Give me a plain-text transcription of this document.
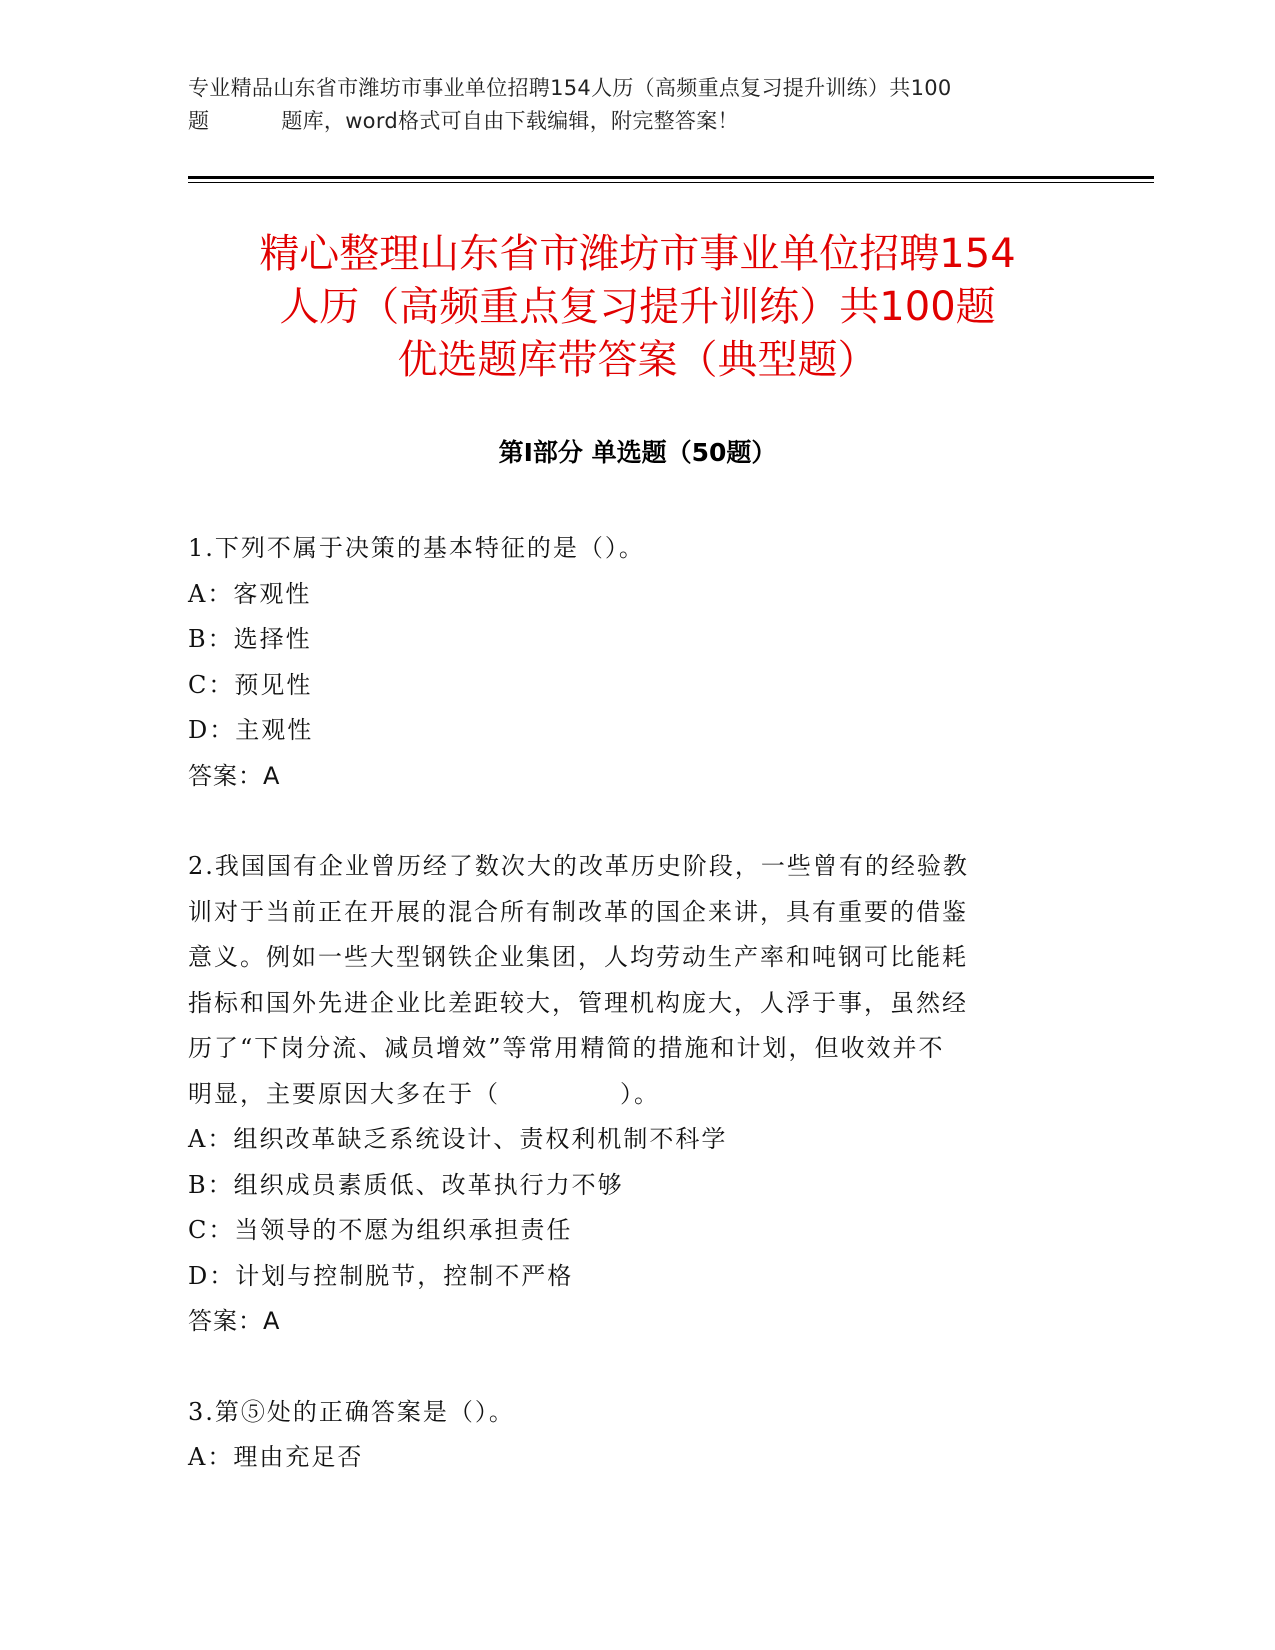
专业精品山东省市潍坊市事业单位招聘154人历（高频重点复习提升训练）共100
题	题库，word格式可自由下载编辑，附完整答案！
精心整理山东省市潍坊市事业单位招聘154
人历（高频重点复习提升训练）共100题
优选题库带答案（典型题）
第Ⅰ部分 单选题（50题）
1.下列不属于决策的基本特征的是（）。
A：客观性
B：选择性
C：预见性
D：主观性
答案：A
2.我国国有企业曾历经了数次大的改革历史阶段，一些曾有的经验教
训对于当前正在开展的混合所有制改革的国企来讲，具有重要的借鉴
意义。例如一些大型钢铁企业集团，人均劳动生产率和吨钢可比能耗
指标和国外先进企业比差距较大，管理机构庞大，人浮于事，虽然经
历了“下岗分流、减员增效”等常用精简的措施和计划，但收效并不
明显，主要原因大多在于（	）。
A：组织改革缺乏系统设计、责权利机制不科学
B：组织成员素质低、改革执行力不够
C：当领导的不愿为组织承担责任
D：计划与控制脱节，控制不严格
答案：A
3.第⑤处的正确答案是（）。
A：理由充足否
